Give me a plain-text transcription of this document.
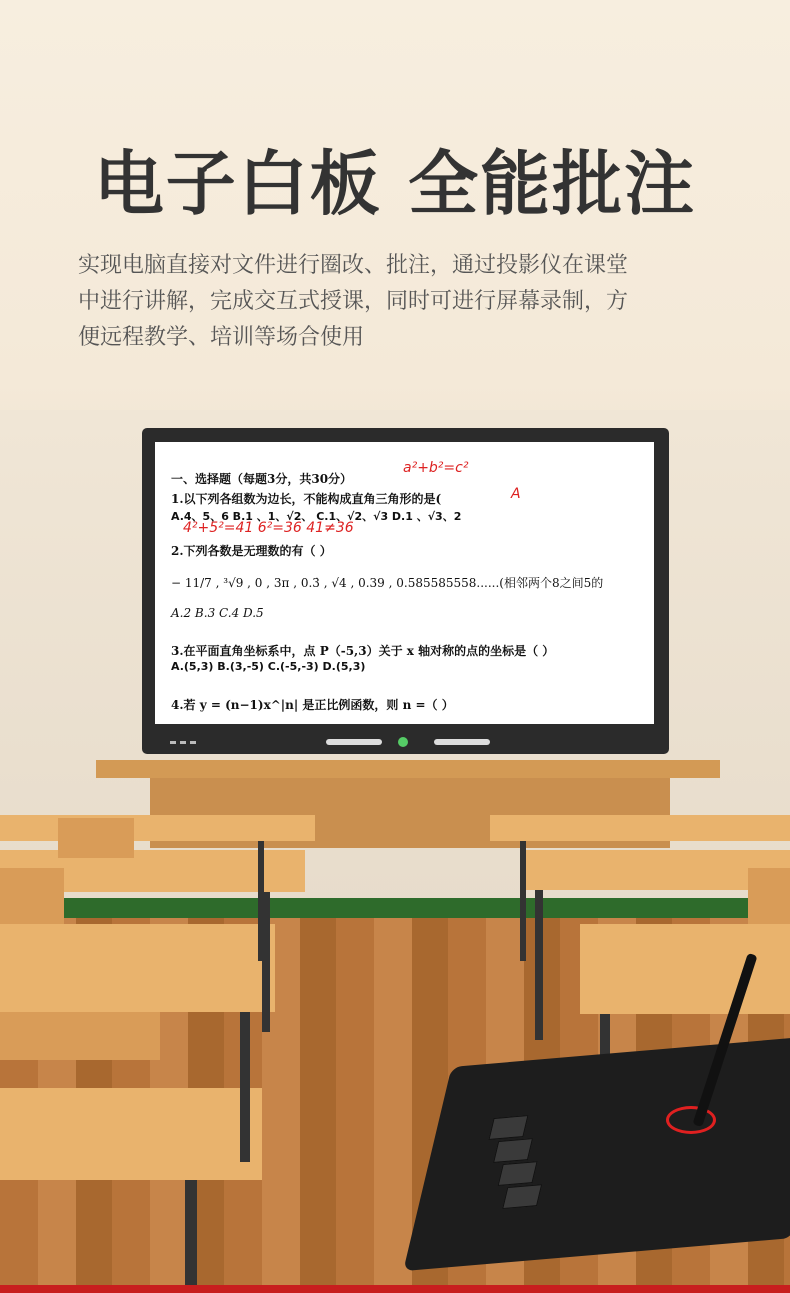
电子白板 全能批注
实现电脑直接对文件进行圈改、批注，通过投影仪在课堂
中进行讲解，完成交互式授课，同时可进行屏幕录制，方
便远程教学、培训等场合使用
一、选择题（每题3分，共30分）
a²+b²=c²
1.以下列各组数为边长，不能构成直角三角形的是(	A
A.4、5、6 B.1 、1、√2、 C.1、√2、√3 D.1 、√3、2
4²+5²=41 6²=36 41≠36
2.下列各数是无理数的有（ ）
− 11/7 , ³√9 , 0 , 3π , 0.3̇ , √4 , 0.39 , 0.585585558......(相邻两个8之间5的
A.2 B.3 C.4 D.5
3.在平面直角坐标系中，点 P（-5,3）关于 x 轴对称的点的坐标是（ ）
A.(5,3) B.(3,-5) C.(-5,-3) D.(5,3)
4.若 y = (n−1)x^|n| 是正比例函数，则 n =（ ）
